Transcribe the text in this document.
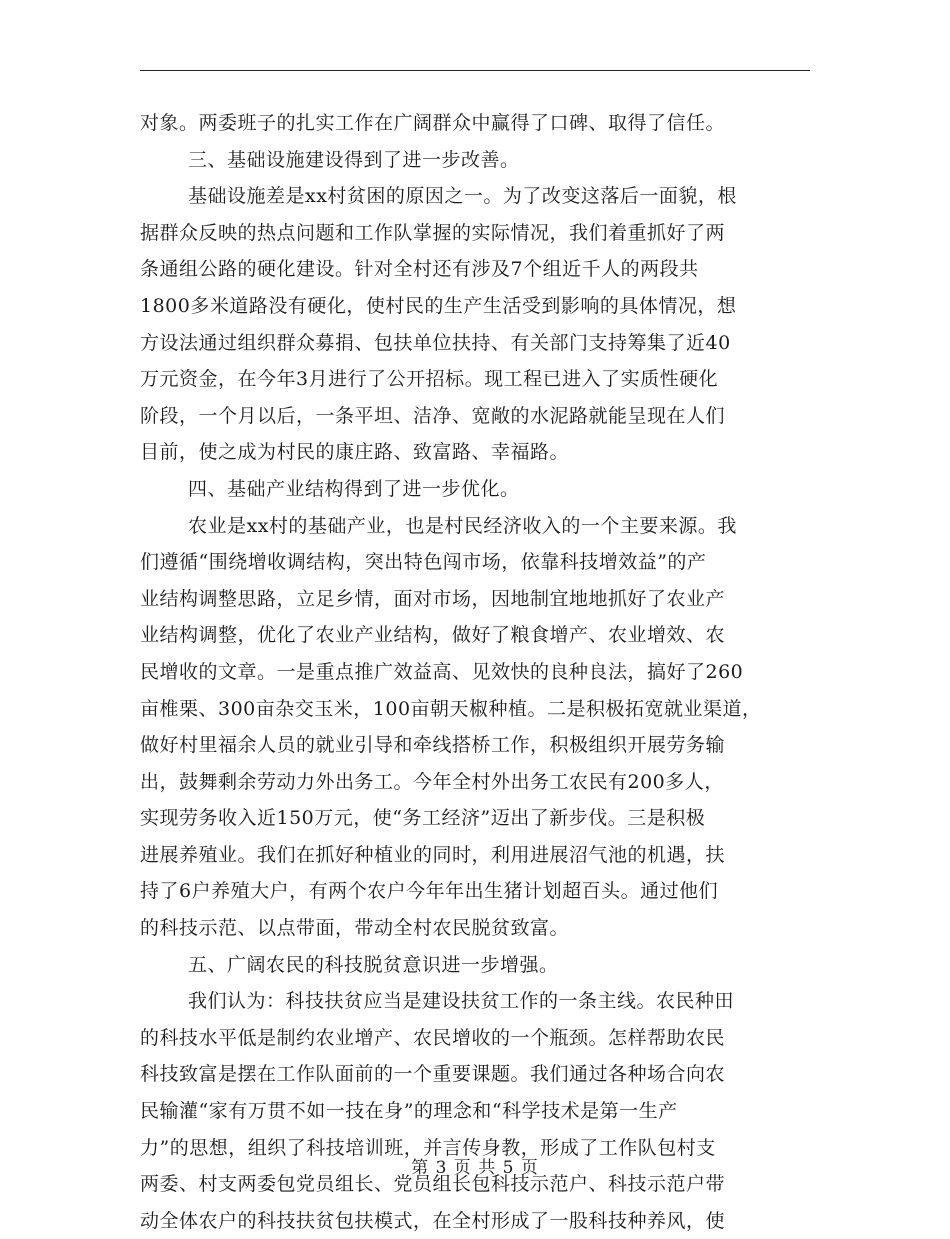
对象。两委班子的扎实工作在广阔群众中赢得了口碑、取得了信任。
三、基础设施建设得到了进一步改善。
基础设施差是xx村贫困的原因之一。为了改变这落后一面貌，根
据群众反映的热点问题和工作队掌握的实际情况，我们着重抓好了两
条通组公路的硬化建设。针对全村还有涉及7个组近千人的两段共
1800多米道路没有硬化，使村民的生产生活受到影响的具体情况，想
方设法通过组织群众募捐、包扶单位扶持、有关部门支持筹集了近40
万元资金，在今年3月进行了公开招标。现工程已进入了实质性硬化
阶段，一个月以后，一条平坦、洁净、宽敞的水泥路就能呈现在人们
目前，使之成为村民的康庄路、致富路、幸福路。
四、基础产业结构得到了进一步优化。
农业是xx村的基础产业，也是村民经济收入的一个主要来源。我
们遵循“围绕增收调结构，突出特色闯市场，依靠科技增效益”的产
业结构调整思路，立足乡情，面对市场，因地制宜地地抓好了农业产
业结构调整，优化了农业产业结构，做好了粮食增产、农业增效、农
民增收的文章。一是重点推广效益高、见效快的良种良法，搞好了260
亩椎栗、300亩杂交玉米，100亩朝天椒种植。二是积极拓宽就业渠道，
做好村里福余人员的就业引导和牵线搭桥工作，积极组织开展劳务输
出，鼓舞剩余劳动力外出务工。今年全村外出务工农民有200多人，
实现劳务收入近150万元，使“务工经济”迈出了新步伐。三是积极
进展养殖业。我们在抓好种植业的同时，利用进展沼气池的机遇，扶
持了6户养殖大户，有两个农户今年年出生猪计划超百头。通过他们
的科技示范、以点带面，带动全村农民脱贫致富。
五、广阔农民的科技脱贫意识进一步增强。
我们认为：科技扶贫应当是建设扶贫工作的一条主线。农民种田
的科技水平低是制约农业增产、农民增收的一个瓶颈。怎样帮助农民
科技致富是摆在工作队面前的一个重要课题。我们通过各种场合向农
民输灌“家有万贯不如一技在身”的理念和“科学技术是第一生产
力”的思想，组织了科技培训班，并言传身教，形成了工作队包村支
两委、村支两委包党员组长、党员组长包科技示范户、科技示范户带
动全体农户的科技扶贫包扶模式，在全村形成了一股科技种养风，使
第 3 页 共 5 页
